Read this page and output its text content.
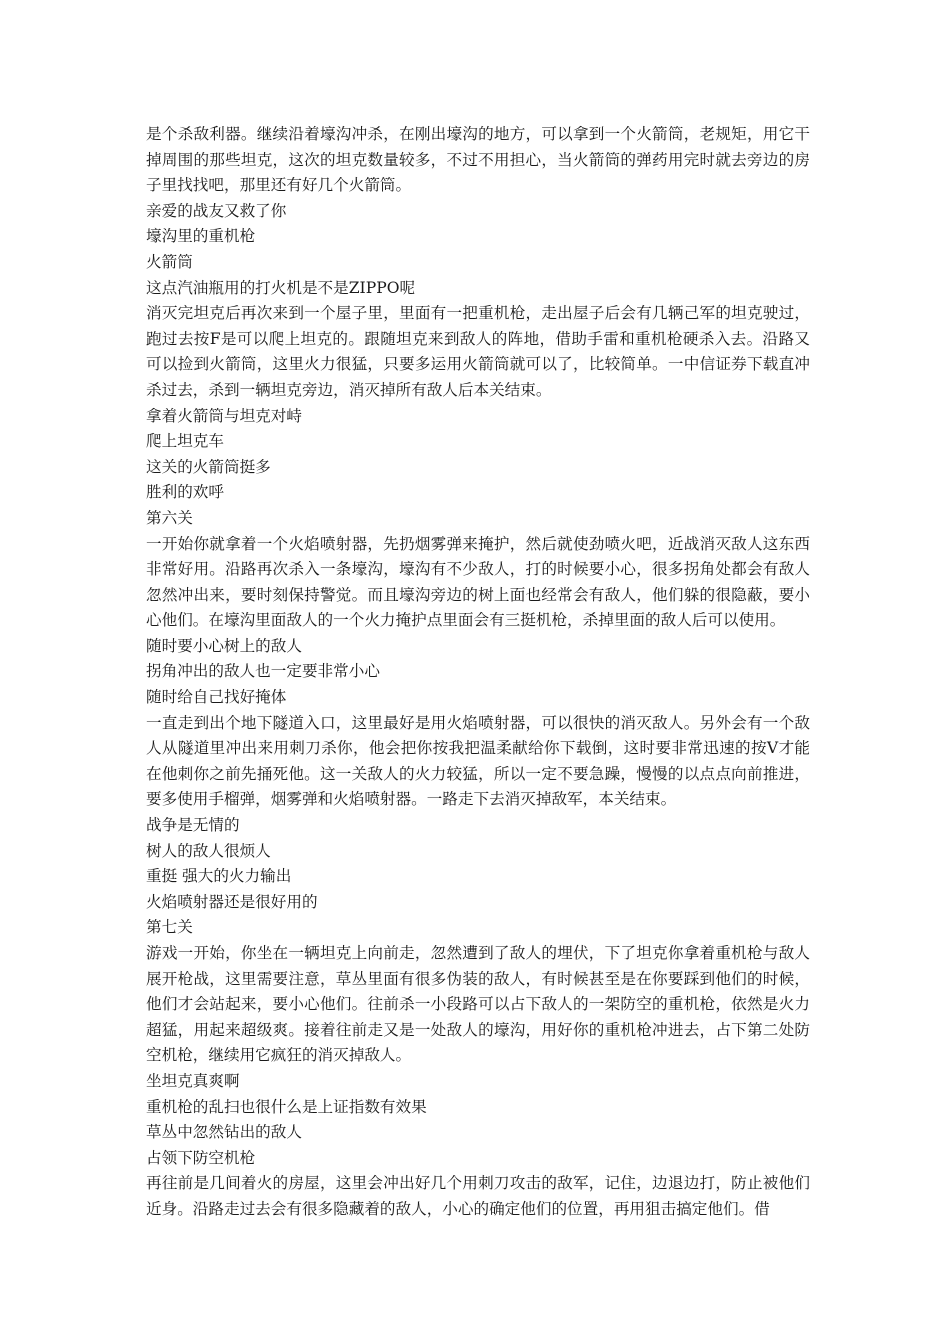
是个杀敌利器。继续沿着壕沟冲杀，在刚出壕沟的地方，可以拿到一个火箭筒，老规矩，用它干掉周围的那些坦克，这次的坦克数量较多，不过不用担心，当火箭筒的弹药用完时就去旁边的房子里找找吧，那里还有好几个火箭筒。

亲爱的战友又救了你

壕沟里的重机枪

火箭筒

这点汽油瓶用的打火机是不是ZIPPO呢

消灭完坦克后再次来到一个屋子里，里面有一把重机枪，走出屋子后会有几辆己军的坦克驶过，跑过去按F是可以爬上坦克的。跟随坦克来到敌人的阵地，借助手雷和重机枪硬杀入去。沿路又可以捡到火箭筒，这里火力很猛，只要多运用火箭筒就可以了，比较简单。一中信证券下载直冲杀过去，杀到一辆坦克旁边，消灭掉所有敌人后本关结束。

拿着火箭筒与坦克对峙

爬上坦克车

这关的火箭筒挺多

胜利的欢呼

第六关

一开始你就拿着一个火焰喷射器，先扔烟雾弹来掩护，然后就使劲喷火吧，近战消灭敌人这东西非常好用。沿路再次杀入一条壕沟，壕沟有不少敌人，打的时候要小心，很多拐角处都会有敌人忽然冲出来，要时刻保持警觉。而且壕沟旁边的树上面也经常会有敌人，他们躲的很隐蔽，要小心他们。在壕沟里面敌人的一个火力掩护点里面会有三挺机枪，杀掉里面的敌人后可以使用。

随时要小心树上的敌人

拐角冲出的敌人也一定要非常小心

随时给自己找好掩体

一直走到出个地下隧道入口，这里最好是用火焰喷射器，可以很快的消灭敌人。另外会有一个敌人从隧道里冲出来用刺刀杀你，他会把你按我把温柔献给你下载倒，这时要非常迅速的按V才能在他刺你之前先捅死他。这一关敌人的火力较猛，所以一定不要急躁，慢慢的以点点向前推进，要多使用手榴弹，烟雾弹和火焰喷射器。一路走下去消灭掉敌军，本关结束。

战争是无情的

树人的敌人很烦人

重挺 强大的火力输出

火焰喷射器还是很好用的

第七关

游戏一开始，你坐在一辆坦克上向前走，忽然遭到了敌人的埋伏，下了坦克你拿着重机枪与敌人展开枪战，这里需要注意，草丛里面有很多伪装的敌人，有时候甚至是在你要踩到他们的时候，他们才会站起来，要小心他们。往前杀一小段路可以占下敌人的一架防空的重机枪，依然是火力超猛，用起来超级爽。接着往前走又是一处敌人的壕沟，用好你的重机枪冲进去，占下第二处防空机枪，继续用它疯狂的消灭掉敌人。

坐坦克真爽啊

重机枪的乱扫也很什么是上证指数有效果

草丛中忽然钻出的敌人

占领下防空机枪

再往前是几间着火的房屋，这里会冲出好几个用刺刀攻击的敌军，记住，边退边打，防止被他们近身。沿路走过去会有很多隐藏着的敌人，小心的确定他们的位置，再用狙击搞定他们。借
